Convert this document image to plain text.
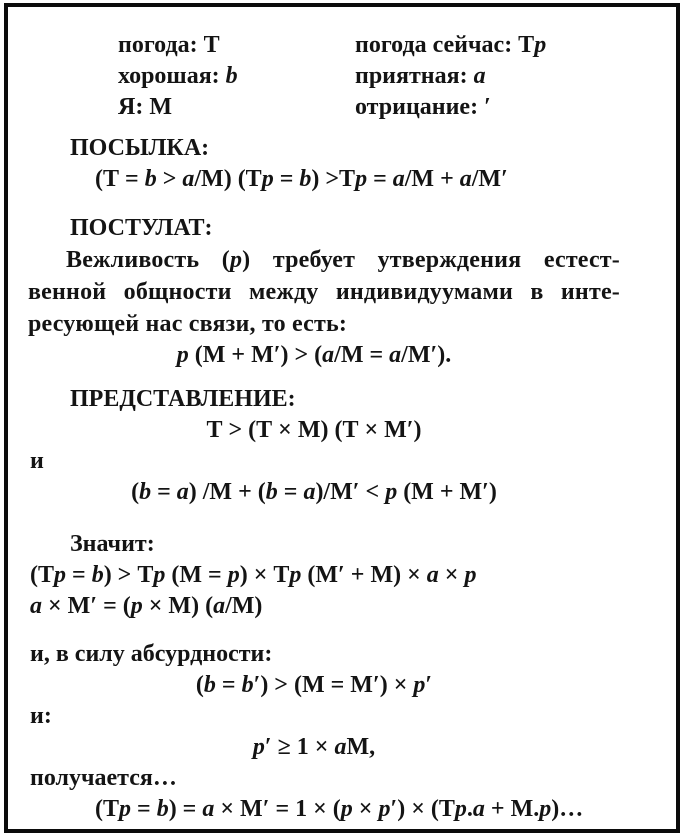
погода: Т
хорошая: b
Я: М
погода сейчас: Тp
приятная: a
отрицание: ′
ПОСЫЛКА:
(Т = b > a/М) (Тp = b) >Тp = a/М + a/М′
ПОСТУЛАТ:
Вежливость (p) требует утверждения естест-
венной общности между индивидуумами в инте-
ресующей нас связи, то есть:
p (М + М′) > (a/М = a/М′).
ПРЕДСТАВЛЕНИЕ:
Т > (Т × М) (Т × М′)
и
(b = a) /М + (b = a)/М′ < p (М + М′)
Значит:
(Тp = b) > Тp (М = p) × Тp (М′ + М) × a × p
a × М′ = (p × М) (a/М)
и, в силу абсурдности:
(b = b′) > (М = М′) × p′
и:
p′ ≥ 1 × aМ,
получается…
(Тp = b) = a × М′ = 1 × (p × p′) × (Тp.a + М.p)…
